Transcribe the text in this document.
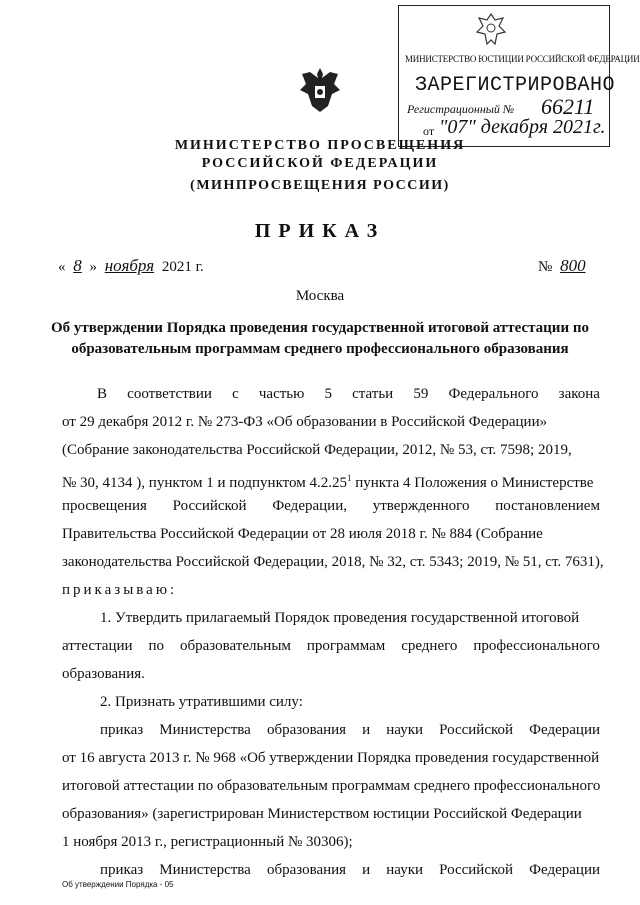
МИНИСТЕРСТВО ЮСТИЦИИ РОССИЙСКОЙ ФЕДЕРАЦИИ
ЗАРЕГИСТРИРОВАНО
Регистрационный № 66211
от "07" декабря 2021г.
МИНИСТЕРСТВО ПРОСВЕЩЕНИЯ
РОССИЙСКОЙ ФЕДЕРАЦИИ
(МИНПРОСВЕЩЕНИЯ РОССИИ)
ПРИКАЗ
« 8 » ноября 2021 г.	№ 800
Москва
Об утверждении Порядка проведения государственной итоговой аттестации по образовательным программам среднего профессионального образования
В соответствии с частью 5 статьи 59 Федерального закона
от 29 декабря 2012 г. № 273-ФЗ «Об образовании в Российской Федерации»
(Собрание законодательства Российской Федерации, 2012, № 53, ст. 7598; 2019,
№ 30, 4134 ), пунктом 1 и подпунктом 4.2.25$^1$ пункта 4 Положения о Министерстве
просвещения Российской Федерации, утвержденного постановлением
Правительства Российской Федерации от 28 июля 2018 г. № 884 (Собрание
законодательства Российской Федерации, 2018, № 32, ст. 5343; 2019, № 51, ст. 7631),
приказываю:
1. Утвердить прилагаемый Порядок проведения государственной итоговой
аттестации по образовательным программам среднего профессионального
образования.
2. Признать утратившими силу:
приказ Министерства образования и науки Российской Федерации
от 16 августа 2013 г. № 968 «Об утверждении Порядка проведения государственной
итоговой аттестации по образовательным программам среднего профессионального
образования» (зарегистрирован Министерством юстиции Российской Федерации
1 ноября 2013 г., регистрационный № 30306);
приказ Министерства образования и науки Российской Федерации
Об утверждении Порядка - 05
